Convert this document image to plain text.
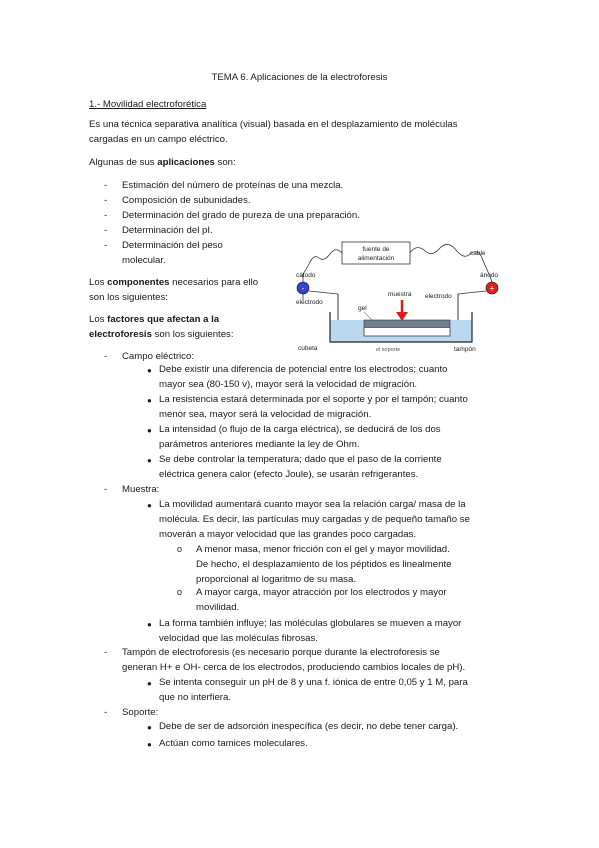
TEMA 6. Aplicaciones de la electroforesis
1.- Movilidad electroforética
Es una técnica separativa analítica (visual) basada en el desplazamiento de moléculas
cargadas en un campo eléctrico.
Algunas de sus aplicaciones son:
- Estimación del número de proteínas de una mezcla.
- Composición de subunidades.
- Determinación del grado de pureza de una preparación.
- Determinación del pI.
- Determinación del peso
molecular.
Los componentes necesarios para ello
son los siguientes:
Los factores que afectan a la
electroforesis son los siguientes:
fuente de
alimentación
cable
cátodo
-
electrodo
ánodo
+
electrodo
gel
muestra
cubeta	el soporte	tampón
- Campo eléctrico:
● Debe existir una diferencia de potencial entre los electrodos; cuanto
mayor sea (80-150 v), mayor será la velocidad de migración.
● La resistencia estará determinada por el soporte y por el tampón; cuanto
menor sea, mayor será la velocidad de migración.
● La intensidad (o flujo de la carga eléctrica), se deducirá de los dos
parámetros anteriores mediante la ley de Ohm.
● Se debe controlar la temperatura; dado que el paso de la corriente
eléctrica genera calor (efecto Joule), se usarán refrigerantes.
- Muestra:
● La movilidad aumentará cuanto mayor sea la relación carga/ masa de la
molécula. Es decir, las partículas muy cargadas y de pequeño tamaño se
moverán a mayor velocidad que las grandes poco cargadas.
o A menor masa, menor fricción con el gel y mayor movilidad.
De hecho, el desplazamiento de los péptidos es linealmente
proporcional al logaritmo de su masa.
o A mayor carga, mayor atracción por los electrodos y mayor
movilidad.
● La forma también influye; las moléculas globulares se mueven a mayor
velocidad que las moléculas fibrosas.
- Tampón de electroforesis (es necesario porque durante la electroforesis se
generan H+ e OH- cerca de los electrodos, produciendo cambios locales de pH).
● Se intenta conseguir un pH de 8 y una f. iónica de entre 0,05 y 1 M, para
que no interfiera.
- Soporte:
● Debe de ser de adsorción inespecífica (es decir, no debe tener carga).
● Actúan como tamices moleculares.
